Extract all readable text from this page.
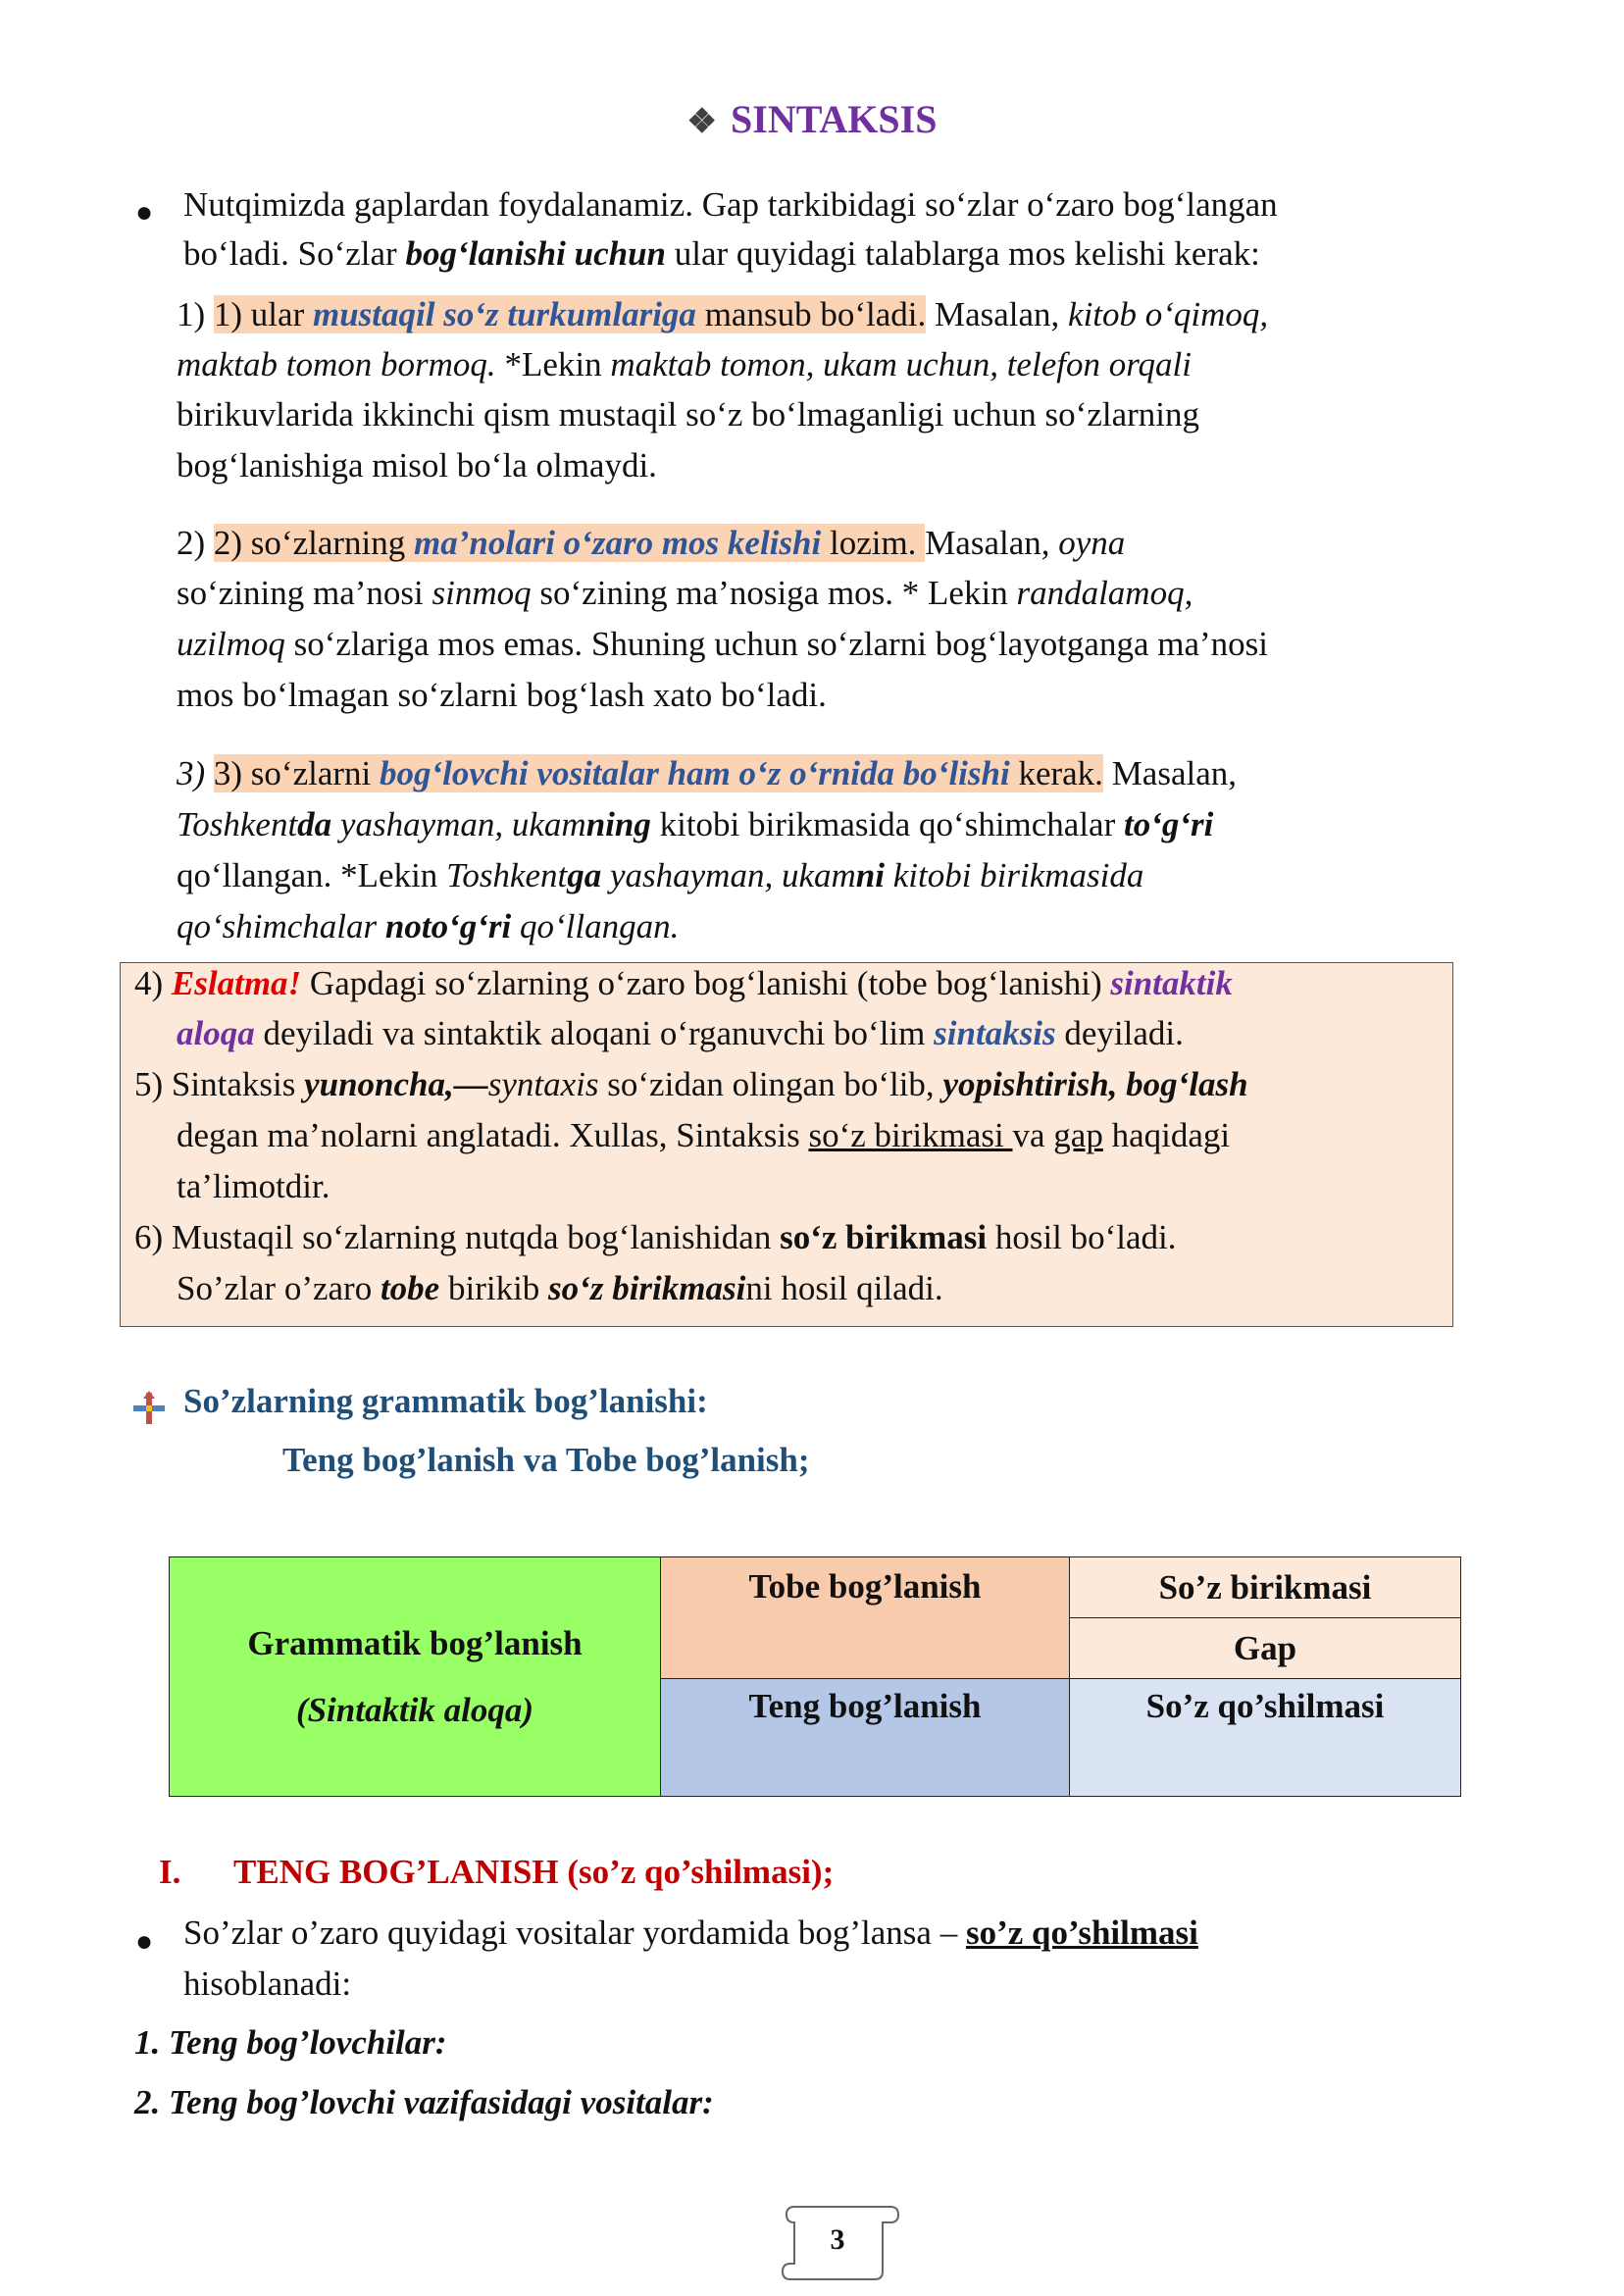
❖ SINTAKSIS
● Nutqimizda gaplardan foydalanamiz. Gap tarkibidagi so‘zlar o‘zaro bog‘langan
bo‘ladi. So‘zlar bog‘lanishi uchun ular quyidagi talablarga mos kelishi kerak:
1) 1) ular mustaqil so‘z turkumlariga mansub bo‘ladi. Masalan, kitob o‘qimoq,
maktab tomon bormoq. *Lekin maktab tomon, ukam uchun, telefon orqali
birikuvlarida ikkinchi qism mustaqil so‘z bo‘lmaganligi uchun so‘zlarning
bog‘lanishiga misol bo‘la olmaydi.
2) 2) so‘zlarning ma’nolari o‘zaro mos kelishi lozim. Masalan, oyna
so‘zining ma’nosi sinmoq so‘zining ma’nosiga mos. * Lekin randalamoq,
uzilmoq so‘zlariga mos emas. Shuning uchun so‘zlarni bog‘layotganga ma’nosi
mos bo‘lmagan so‘zlarni bog‘lash xato bo‘ladi.
3) 3) so‘zlarni bog‘lovchi vositalar ham o‘z o‘rnida bo‘lishi kerak. Masalan,
Toshkentda yashayman, ukamning kitobi birikmasida qo‘shimchalar to‘g‘ri
qo‘llangan. *Lekin Toshkentga yashayman, ukamni kitobi birikmasida
qo‘shimchalar noto‘g‘ri qo‘llangan.
4) Eslatma! Gapdagi so‘zlarning o‘zaro bog‘lanishi (tobe bog‘lanishi) sintaktik
aloqa deyiladi va sintaktik aloqani o‘rganuvchi bo‘lim sintaksis deyiladi.
5) Sintaksis yunoncha,—syntaxis so‘zidan olingan bo‘lib, yopishtirish, bog‘lash
degan ma’nolarni anglatadi. Xullas, Sintaksis so‘z birikmasi va gap haqidagi
ta’limotdir.
6) Mustaqil so‘zlarning nutqda bog‘lanishidan so‘z birikmasi hosil bo‘ladi.
So’zlar o’zaro tobe birikib so‘z birikmasini hosil qiladi.
So’zlarning grammatik bog’lanishi:
Teng bog’lanish va Tobe bog’lanish;
Grammatik bog’lanish
(Sintaktik aloqa)	Tobe bog’lanish	So’z birikmasi
		Gap
	Teng bog’lanish	So’z qo’shilmasi
I. TENG BOG’LANISH (so’z qo’shilmasi);
● So’zlar o’zaro quyidagi vositalar yordamida bog’lansa – so’z qo’shilmasi
hisoblanadi:
1. Teng bog’lovchilar:
2. Teng bog’lovchi vazifasidagi vositalar:
3
